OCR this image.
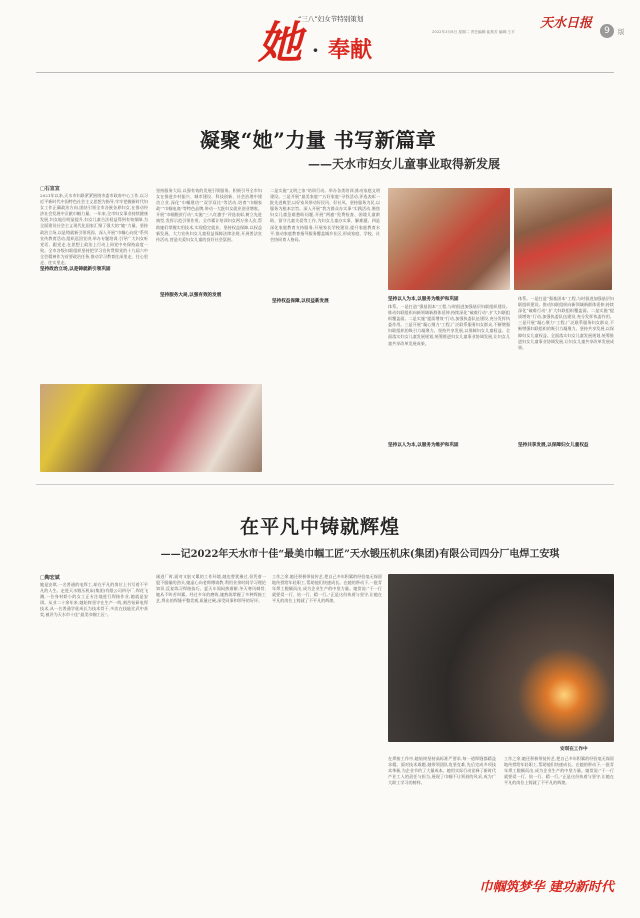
“三八”妇女节特别策划
她 · 奉献
天水日报
2022年3月8日 星期二 责任编辑:崔燕芳 编辑:王平	9	版
凝聚“她”力量 书写新篇章
——天水市妇女儿童事业取得新发展
□石宣宣
2021年以来,天水市妇联紧紧围绕市委市政府中心工作,以习近平新时代中国特色社会主义思想为指导,牢牢把握新时代妇女工作正确政治方向,团结引领全市各族各界妇女,在推动经济社会发展中贡献巾帼力量。一年来,全市妇女事业持续健康发展,妇女地位明显提升,妇女儿童合法权益得到有效保障,为全面建设社会主义现代化国家汇聚了强大的“她”力量。坚持政治立场,以是铸就新引领巩固。深入开展“巾帼心向党”系列宣传教育活动,组织巡回宣讲,举办专题培训,引导广大妇女听党话、跟党走,在思想上政治上行动上同党中央保持高度一致。全市各级妇联组织坚持把学习宣传贯彻党的十九届六中全会精神作为首要政治任务,推动学习教育往深里走、往心里走、往实里走。
坚持政治立场,以是铸就新引领巩固
坚持服务大局,以强有效的发展引领服务。积极引导全市妇女在推进乡村振兴、城市建设、科技创新、社会治理中建功立业,深化“巾帼建功”“双学双比”等活动,培育“巾帼家政”“巾帼电商”等特色品牌,带动一大批妇女就业创业增收。开展“巾帼脱贫行动”,实施“三八红旗手”评选表彰,树立先进典型,发挥示范引领作用。全市累计培训妇女两万余人次,帮助她们掌握实用技术,实现稳定就业。坚持权益保障,以权益新发展。大力宣传妇女儿童权益保障法律法规,开展普法宣传活动,营造关爱妇女儿童的良好社会氛围。
坚持服务大局,以强有效的发展
二是实施“文明之家”培训行动。举办各类培训,推动家庭文明建设。三是开展“最美家庭”“五好家庭”寻找活动,评选表彰一批先进典型,以好家风带动好民风、好社风。坚持服务为民,以服务为根本宗旨。深入开展“我为群众办实事”实践活动,聚焦妇女儿童急难愁盼问题,开展“两癌”免费检查、困境儿童救助、留守儿童关爱等工作,为妇女儿童办实事、解难题。四是深化家庭教育支持服务,开展家长学校建设,提升家庭教育水平,推动家庭教育指导服务覆盖城乡社区,形成家庭、学校、社会协同育人格局。
坚持权益保障,以权益新发展	坚持以人为本,以服务为维护和巩固
体系。一是打造“强基固本”工程,与时俱进加强基层妇联组织建设。推动妇联组织向新领域新群体延伸,持续深化“破难行动”,扩大妇联组织覆盖面。二是实施“提质增效”行动,加强执委队伍建设,充分发挥执委作用。三是开展“凝心聚力”工程,广泛联系服务妇女群众,不断增强妇联组织的吸引力凝聚力。坚持共享发展,以保障妇女儿童权益。全面落实妇女儿童发展规划,统筹推进妇女儿童事业协调发展,让妇女儿童共享改革发展成果。
坚持以人为本,以服务为维护和巩固
体系。一是打造“强基固本”工程,与时俱进加强基层妇联组织建设。推动妇联组织向新领域新群体延伸,持续深化“破难行动”,扩大妇联组织覆盖面。二是实施“提质增效”行动,加强执委队伍建设,充分发挥执委作用。三是开展“凝心聚力”工程,广泛联系服务妇女群众,不断增强妇联组织的吸引力凝聚力。坚持共享发展,以保障妇女儿童权益。全面落实妇女儿童发展规划,统筹推进妇女儿童事业协调发展,让妇女儿童共享改革发展成果。
坚持共享发展,以保障妇女儿童权益
在平凡中铸就辉煌
——记2022年天水市十佳“最美巾帼工匠”天水锻压机床(集团)有限公司四分厂电焊工安琪
□陶宏斌
她是安琪,一名普通的电焊工,却在平凡的岗位上书写着不平凡的人生。走进天水锻压机床(集团)有限公司四分厂,焊花飞溅,一位身材娇小的女工正专注地进行焊接作业,她就是安琪。从业二十余年来,她始终坚守在生产一线,刻苦钻研电焊技术,从一名普通学徒成长为技术骨干,多次在技能比武中获奖,被评为天水市十佳“最美巾帼工匠”。
刚进厂时,面对又脏又累的工作环境,她也曾犹豫过,但凭着一股不服输的劲头,她虚心向老师傅请教,利用业余时间学习理论知识,反复练习焊接技巧。夏天车间闷热难耐,冬天寒风刺骨,她从不叫苦叫累。经过多年的磨炼,她熟练掌握了多种焊接工艺,焊出的焊缝平整美观,质量过硬,深受同事和领导的好评。
工作之余,她还积极带徒传艺,把自己多年积累的经验毫无保留地传授给年轻职工,帮助他们快速成长。在她的带动下,一批青年焊工脱颖而出,成为企业生产的中坚力量。她常说:“干一行就要爱一行、钻一行、精一行。”正是这份执着与坚守,让她在平凡的岗位上铸就了不平凡的辉煌。
安琪在工作中
在焊接工作中,她始终坚持高标准严要求,每一道焊缝都精益求精。面对技术难题,她带领团队攻坚克难,先后完成多项技术革新,为企业节约了大量成本。她用实际行动诠释了新时代产业工人的责任与担当,展现了巾帼不让须眉的风采,成为广大职工学习的榜样。
工作之余,她还积极带徒传艺,把自己多年积累的经验毫无保留地传授给年轻职工,帮助他们快速成长。在她的带动下,一批青年焊工脱颖而出,成为企业生产的中坚力量。她常说:“干一行就要爱一行、钻一行、精一行。”正是这份执着与坚守,让她在平凡的岗位上铸就了不平凡的辉煌。
巾帼筑梦华 建功新时代
